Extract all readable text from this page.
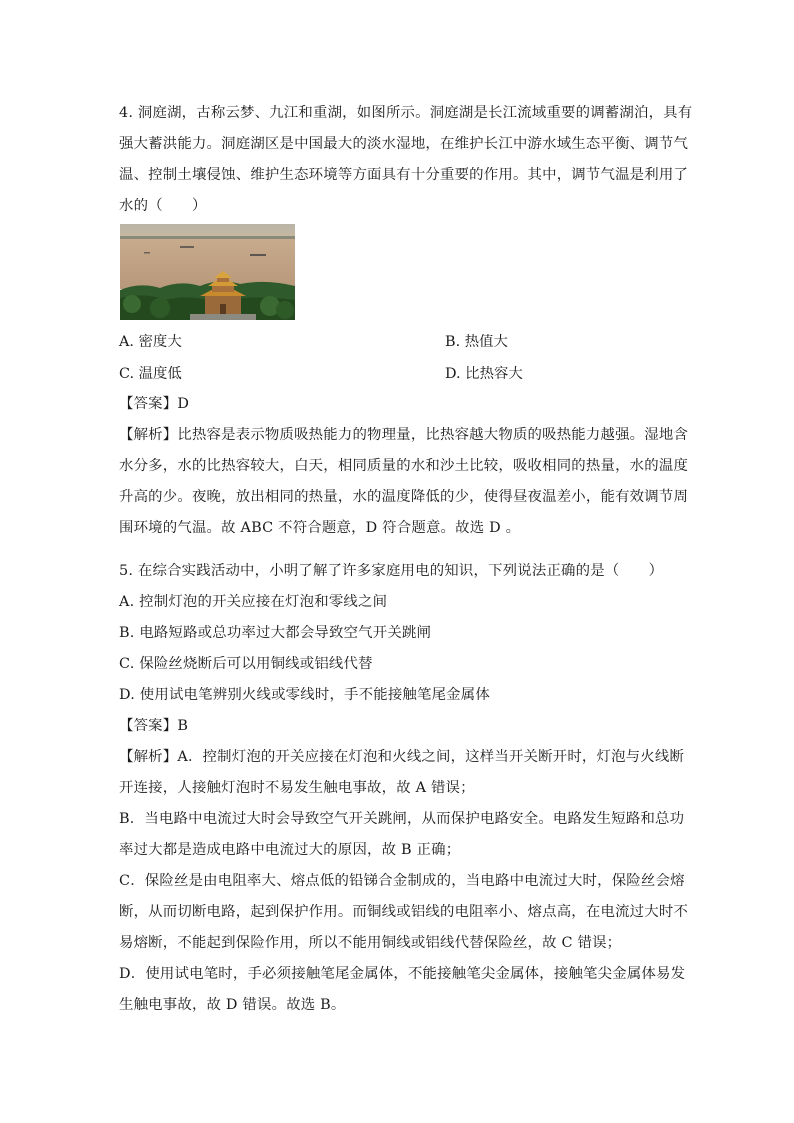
4. 洞庭湖，古称云梦、九江和重湖，如图所示。洞庭湖是长江流域重要的调蓄湖泊，具有
强大蓄洪能力。洞庭湖区是中国最大的淡水湿地，在维护长江中游水域生态平衡、调节气
温、控制土壤侵蚀、维护生态环境等方面具有十分重要的作用。其中，调节气温是利用了
水的（　　）
A. 密度大	B. 热值大
C. 温度低	D. 比热容大
【答案】D
【解析】比热容是表示物质吸热能力的物理量，比热容越大物质的吸热能力越强。湿地含
水分多，水的比热容较大，白天，相同质量的水和沙土比较，吸收相同的热量，水的温度
升高的少。夜晚，放出相同的热量，水的温度降低的少，使得昼夜温差小，能有效调节周
围环境的气温。故 ABC 不符合题意，D 符合题意。故选 D 。
5. 在综合实践活动中，小明了解了许多家庭用电的知识，下列说法正确的是（　　）
A. 控制灯泡的开关应接在灯泡和零线之间
B. 电路短路或总功率过大都会导致空气开关跳闸
C. 保险丝烧断后可以用铜线或铝线代替
D. 使用试电笔辨别火线或零线时，手不能接触笔尾金属体
【答案】B
【解析】A．控制灯泡的开关应接在灯泡和火线之间，这样当开关断开时，灯泡与火线断
开连接，人接触灯泡时不易发生触电事故，故 A 错误；
B．当电路中电流过大时会导致空气开关跳闸，从而保护电路安全。电路发生短路和总功
率过大都是造成电路中电流过大的原因，故 B 正确；
C．保险丝是由电阻率大、熔点低的铅锑合金制成的，当电路中电流过大时，保险丝会熔
断，从而切断电路，起到保护作用。而铜线或铝线的电阻率小、熔点高，在电流过大时不
易熔断，不能起到保险作用，所以不能用铜线或铝线代替保险丝，故 C 错误；
D．使用试电笔时，手必须接触笔尾金属体，不能接触笔尖金属体，接触笔尖金属体易发
生触电事故，故 D 错误。故选 B。
